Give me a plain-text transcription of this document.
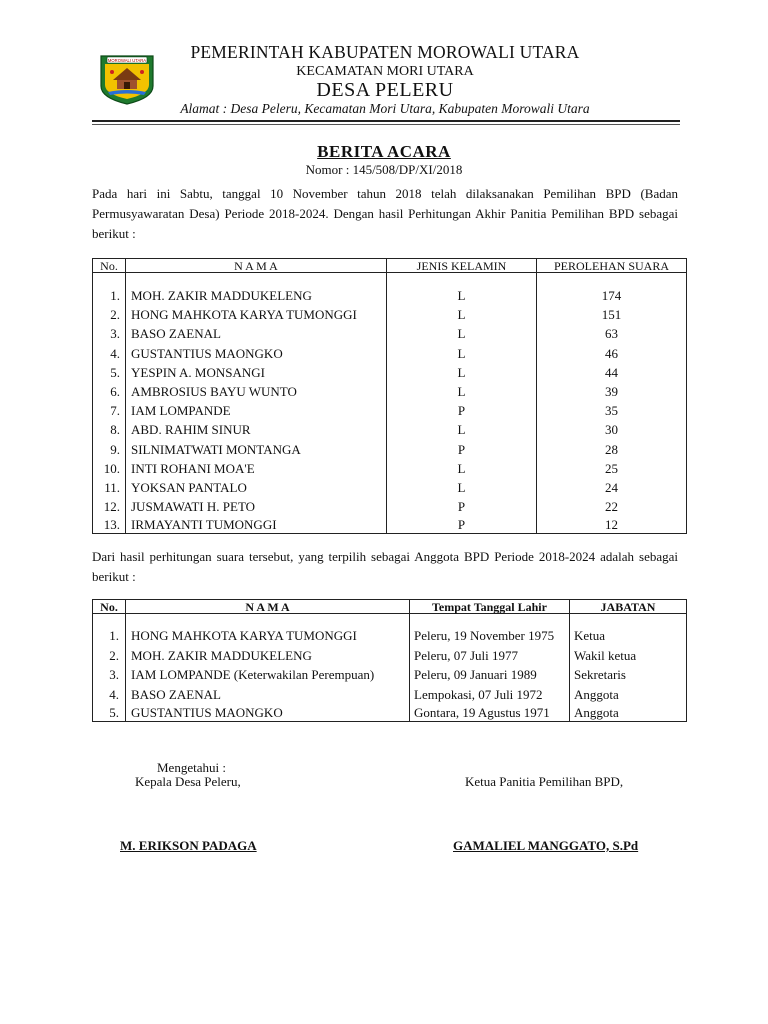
MOROWALI UTARA	PEMERINTAH KABUPATEN MOROWALI UTARA
KECAMATAN MORI UTARA
DESA PELERU
Alamat : Desa Peleru, Kecamatan Mori Utara, Kabupaten Morowali Utara
BERITA ACARA
Nomor : 145/508/DP/XI/2018
Pada hari ini Sabtu, tanggal 10 November tahun 2018 telah dilaksanakan Pemilihan BPD (Badan Permusyawaratan Desa) Periode 2018-2024. Dengan hasil Perhitungan Akhir Panitia Pemilihan BPD sebagai berikut :
No.	N A M A	JENIS KELAMIN	PEROLEHAN SUARA

1.	MOH. ZAKIR MADDUKELENG	L	174
2.	HONG MAHKOTA KARYA TUMONGGI	L	151
3.	BASO ZAENAL	L	63
4.	GUSTANTIUS MAONGKO	L	46
5.	YESPIN A. MONSANGI	L	44
6.	AMBROSIUS BAYU WUNTO	L	39
7.	IAM LOMPANDE	P	35
8.	ABD. RAHIM SINUR	L	30
9.	SILNIMATWATI MONTANGA	P	28
10.	INTI ROHANI MOA'E	L	25
11.	YOKSAN PANTALO	L	24
12.	JUSMAWATI H. PETO	P	22
13.	IRMAYANTI TUMONGGI	P	12
Dari hasil perhitungan suara tersebut, yang terpilih sebagai Anggota BPD Periode 2018-2024 adalah sebagai berikut :
No.	N A M A	Tempat Tanggal Lahir	JABATAN

1.	HONG MAHKOTA KARYA TUMONGGI	Peleru, 19 November 1975	Ketua
2.	MOH. ZAKIR MADDUKELENG	Peleru, 07 Juli 1977	Wakil ketua
3.	IAM LOMPANDE (Keterwakilan Perempuan)	Peleru, 09 Januari 1989	Sekretaris
4.	BASO ZAENAL	Lempokasi, 07 Juli 1972	Anggota
5.	GUSTANTIUS MAONGKO	Gontara, 19 Agustus 1971	Anggota
Mengetahui :
Kepala Desa Peleru,	Ketua Panitia Pemilihan BPD,
M. ERIKSON PADAGA	GAMALIEL MANGGATO, S.Pd
